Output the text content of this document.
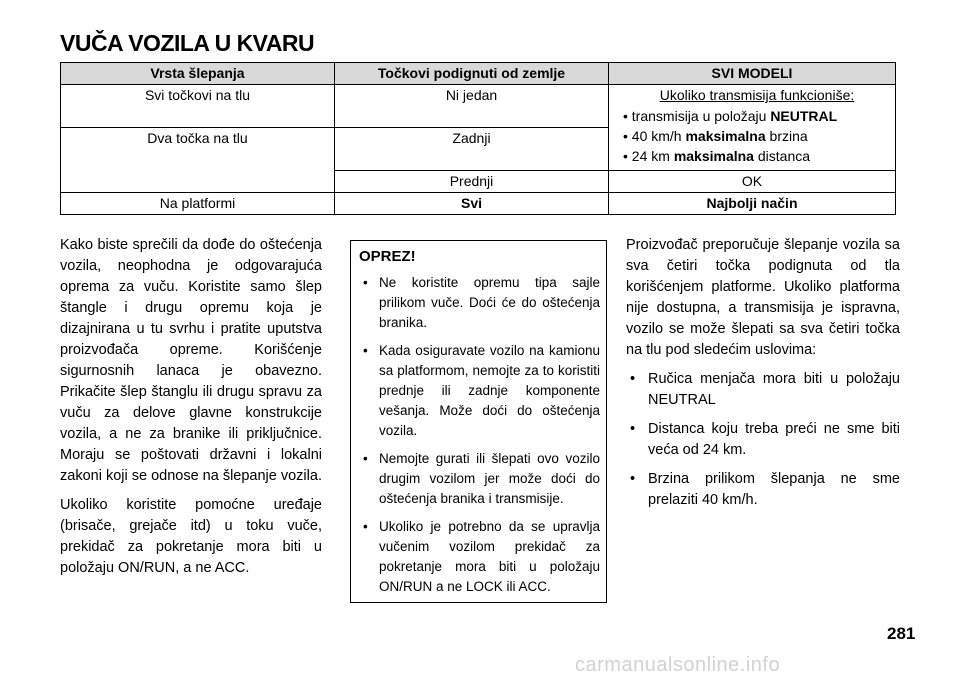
VUČA VOZILA U KVARU
Vrsta šlepanja	Točkovi podignuti od zemlje	SVI MODELI
Svi točkovi na tlu	Ni jedan	Ukoliko transmisija funkcioniše:
• transmisija u položaju NEUTRAL
• 40 km/h maksimalna brzina
• 24 km maksimalna distanca

Dva točka na tlu	Zadnji	
	Prednji	OK
Na platformi	Svi	Najbolji način

Kako biste sprečili da dođe do oštećenja vozila, neophodna je odgovarajuća oprema za vuču. Koristite samo šlep štangle i drugu opremu koja je dizajnirana u tu svrhu i pratite uputstva proizvođača opreme. Korišćenje sigurnosnih lanaca je obavezno. Prikačite šlep štanglu ili drugu spravu za vuču za delove glavne konstrukcije vozila, a ne za branike ili priključnice. Moraju se poštovati državni i lokalni zakoni koji se odnose na šlepanje vozila.

Ukoliko koristite pomoćne uređaje (brisače, grejače itd) u toku vuče, prekidač za pokretanje mora biti u položaju ON/RUN, a ne ACC.

OPREZ!
• Ne koristite opremu tipa sajle prilikom vuče. Doći će do oštećenja branika.
• Kada osiguravate vozilo na kamionu sa platformom, nemojte za to koristiti prednje ili zadnje komponente vešanja. Može doći do oštećenja vozila.
• Nemojte gurati ili šlepati ovo vozilo drugim vozilom jer može doći do oštećenja branika i transmisije.
• Ukoliko je potrebno da se upravlja vučenim vozilom prekidač za pokretanje mora biti u položaju ON/RUN a ne LOCK ili ACC.

Proizvođač preporučuje šlepanje vozila sa sva četiri točka podignuta od tla korišćenjem platforme. Ukoliko platforma nije dostupna, a transmisija je ispravna, vozilo se može šlepati sa sva četiri točka na tlu pod sledećim uslovima:

• Ručica menjača mora biti u položaju NEUTRAL
• Distanca koju treba preći ne sme biti veća od 24 km.
• Brzina prilikom šlepanja ne sme prelaziti 40 km/h.
281
carmanualsonline.info
